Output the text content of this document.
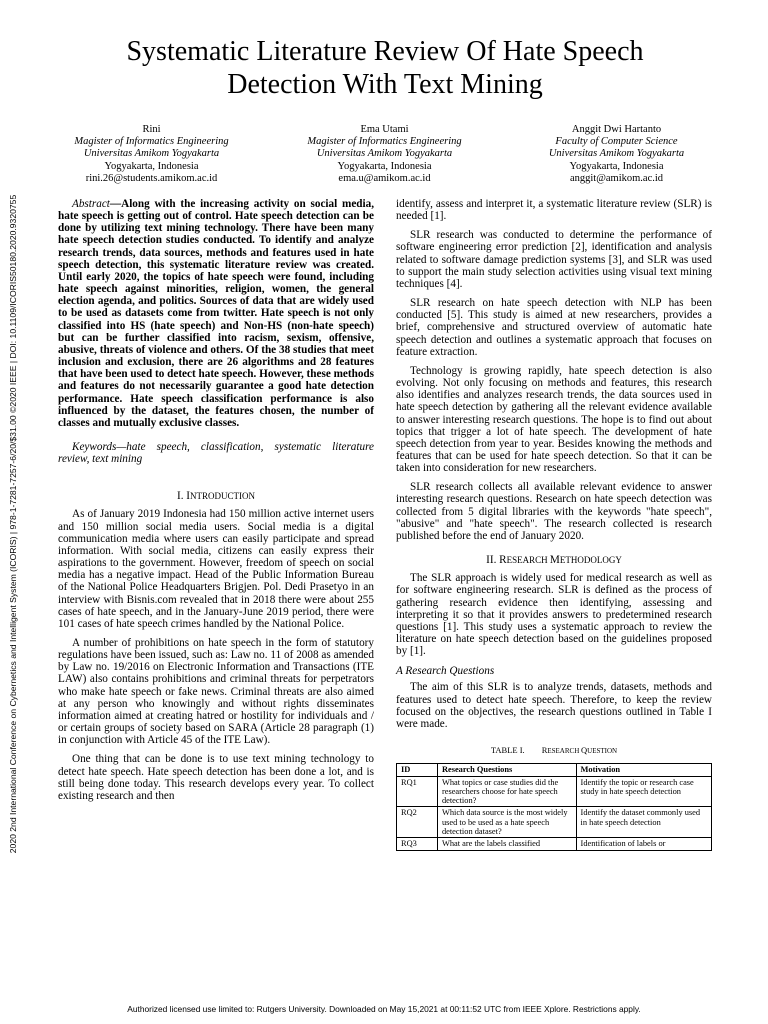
2020 2nd International Conference on Cybernetics and Intelligent System (ICORIS) | 978-1-7281-7257-6/20/$31.00 ©2020 IEEE | DOI: 10.1109/ICORIS50180.2020.9320755
Systematic Literature Review Of Hate Speech
Detection With Text Mining
Rini
Magister of Informatics Engineering
Universitas Amikom Yogyakarta
Yogyakarta, Indonesia
rini.26@students.amikom.ac.id
Ema Utami
Magister of Informatics Engineering
Universitas Amikom Yogyakarta
Yogyakarta, Indonesia
ema.u@amikom.ac.id
Anggit Dwi Hartanto
Faculty of Computer Science
Universitas Amikom Yogyakarta
Yogyakarta, Indonesia
anggit@amikom.ac.id

Abstract—Along with the increasing activity on social media, hate speech is getting out of control. Hate speech detection can be done by utilizing text mining technology. There have been many hate speech detection studies conducted. To identify and analyze research trends, data sources, methods and features used in hate speech detection, this systematic literature review was created. Until early 2020, the topics of hate speech were found, including hate speech against minorities, religion, women, the general election agenda, and politics. Sources of data that are widely used to be used as datasets come from twitter. Hate speech is not only classified into HS (hate speech) and Non-HS (non-hate speech) but can be further classified into racism, sexism, offensive, abusive, threats of violence and others. Of the 38 studies that meet inclusion and exclusion, there are 26 algorithms and 28 features that have been used to detect hate speech. However, these methods and features do not necessarily guarantee a good hate detection performance. Hate speech classification performance is also influenced by the dataset, the features chosen, the number of classes and mutually exclusive classes.

Keywords—hate speech, classification, systematic literature review, text mining

I. INTRODUCTION

As of January 2019 Indonesia had 150 million active internet users and 150 million social media users. Social media is a digital communication media where users can easily participate and spread information. With social media, citizens can easily express their aspirations to the government. However, freedom of speech on social media has a negative impact. Head of the Public Information Bureau of the National Police Headquarters Brigjen. Pol. Dedi Prasetyo in an interview with Bisnis.com revealed that in 2018 there were about 255 cases of hate speech, and in the January-June 2019 period, there were 101 cases of hate speech crimes handled by the National Police.

A number of prohibitions on hate speech in the form of statutory regulations have been issued, such as: Law no. 11 of 2008 as amended by Law no. 19/2016 on Electronic Information and Transactions (ITE LAW) also contains prohibitions and criminal threats for perpetrators who make hate speech or fake news. Criminal threats are also aimed at any person who knowingly and without rights disseminates information aimed at creating hatred or hostility for individuals and / or certain groups of society based on SARA (Article 28 paragraph (1) in conjunction with Article 45 of the ITE Law).

One thing that can be done is to use text mining technology to detect hate speech. Hate speech detection has been done a lot, and is still being done today. This research develops every year. To collect existing research and then

identify, assess and interpret it, a systematic literature review (SLR) is needed [1].

SLR research was conducted to determine the performance of software engineering error prediction [2], identification and analysis related to software damage prediction systems [3], and SLR was used to support the main study selection activities using visual text mining techniques [4].

SLR research on hate speech detection with NLP has been conducted [5]. This study is aimed at new researchers, provides a brief, comprehensive and structured overview of automatic hate speech detection and outlines a systematic approach that focuses on feature extraction.

Technology is growing rapidly, hate speech detection is also evolving. Not only focusing on methods and features, this research also identifies and analyzes research trends, the data sources used in hate speech detection by gathering all the relevant evidence available to answer interesting research questions. The hope is to find out about topics that trigger a lot of hate speech. The development of hate speech detection from year to year. Besides knowing the methods and features that can be used for hate speech detection. So that it can be taken into consideration for new researchers.

SLR research collects all available relevant evidence to answer interesting research questions. Research on hate speech detection was collected from 5 digital libraries with the keywords "hate speech", "abusive" and "hate speech". The research collected is research published before the end of January 2020.

II. RESEARCH METHODOLOGY

The SLR approach is widely used for medical research as well as for software engineering research. SLR is defined as the process of gathering research evidence then identifying, assessing and interpreting it so that it provides answers to predetermined research questions [1]. This study uses a systematic approach to review the literature on hate speech detection based on the guidelines proposed by [1].

A Research Questions

The aim of this SLR is to analyze trends, datasets, methods and features used to detect hate speech. Therefore, to keep the review focused on the objectives, the research questions outlined in Table I were made.

TABLE I. RESEARCH QUESTION
ID	Research Questions	Motivation
RQ1	What topics or case studies did the researchers choose for hate speech detection?	Identify the topic or research case study in hate speech detection
RQ2	Which data source is the most widely used to be used as a hate speech detection dataset?	Identify the dataset commonly used in hate speech detection
RQ3	What are the labels classified	Identification of labels or
Authorized licensed use limited to: Rutgers University. Downloaded on May 15,2021 at 00:11:52 UTC from IEEE Xplore. Restrictions apply.
